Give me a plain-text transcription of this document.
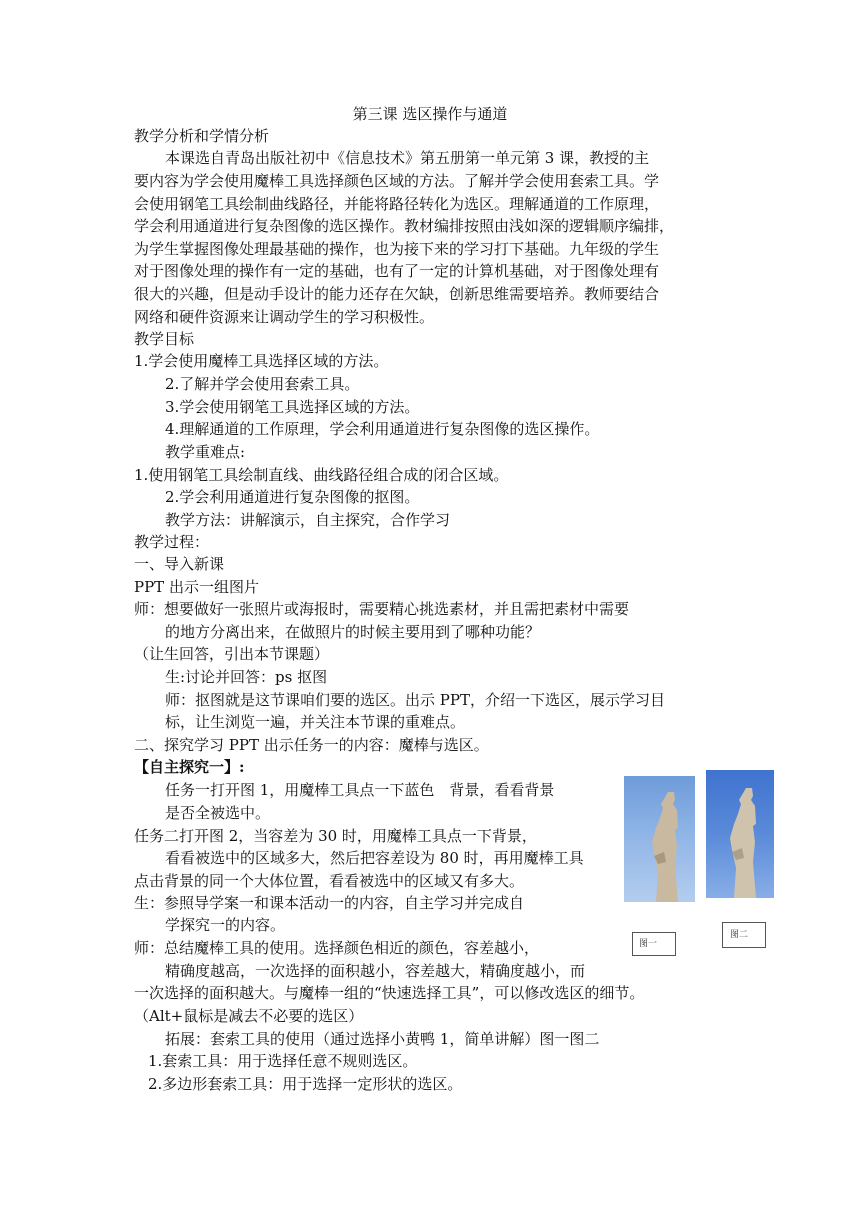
第三课 选区操作与通道
教学分析和学情分析
本课选自青岛出版社初中《信息技术》第五册第一单元第 3 课，教授的主
要内容为学会使用魔棒工具选择颜色区域的方法。了解并学会使用套索工具。学
会使用钢笔工具绘制曲线路径，并能将路径转化为选区。理解通道的工作原理，
学会利用通道进行复杂图像的选区操作。教材编排按照由浅如深的逻辑顺序编排，
为学生掌握图像处理最基础的操作，也为接下来的学习打下基础。九年级的学生
对于图像处理的操作有一定的基础，也有了一定的计算机基础，对于图像处理有
很大的兴趣，但是动手设计的能力还存在欠缺，创新思维需要培养。教师要结合
网络和硬件资源来让调动学生的学习积极性。
教学目标
1.学会使用魔棒工具选择区域的方法。
2.了解并学会使用套索工具。
3.学会使用钢笔工具选择区域的方法。
4.理解通道的工作原理，学会利用通道进行复杂图像的选区操作。
教学重难点:
1.使用钢笔工具绘制直线、曲线路径组合成的闭合区域。
2.学会利用通道进行复杂图像的抠图。
教学方法：讲解演示，自主探究，合作学习
教学过程：
一、导入新课
PPT 出示一组图片
师：想要做好一张照片或海报时，需要精心挑选素材，并且需把素材中需要
的地方分离出来，在做照片的时候主要用到了哪种功能？
（让生回答，引出本节课题）
生:讨论并回答：ps 抠图
师：抠图就是这节课咱们要的选区。出示 PPT，介绍一下选区，展示学习目
标，让生浏览一遍，并关注本节课的重难点。
二、探究学习 PPT 出示任务一的内容：魔棒与选区。
【自主探究一】:
任务一打开图 1，用魔棒工具点一下蓝色　背景，看看背景
是否全被选中。
任务二打开图 2，当容差为 30 时，用魔棒工具点一下背景，
看看被选中的区域多大，然后把容差设为 80 时，再用魔棒工具
点击背景的同一个大体位置，看看被选中的区域又有多大。
生：参照导学案一和课本活动一的内容，自主学习并完成自
学探究一的内容。
师：总结魔棒工具的使用。选择颜色相近的颜色，容差越小，
精确度越高，一次选择的面积越小，容差越大，精确度越小，而
一次选择的面积越大。与魔棒一组的“快速选择工具”，可以修改选区的细节。
（Alt+鼠标是减去不必要的选区）
拓展：套索工具的使用（通过选择小黄鸭 1，简单讲解）图一图二
1.套索工具：用于选择任意不规则选区。
2.多边形套索工具：用于选择一定形状的选区。
图一
图二
